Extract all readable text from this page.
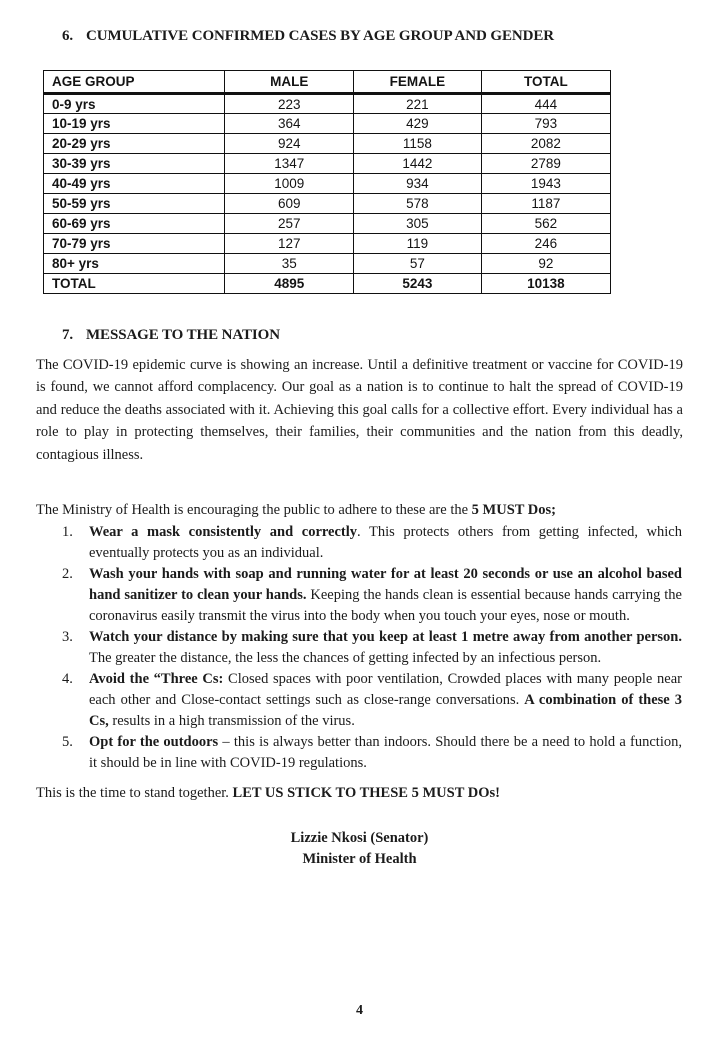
6. CUMULATIVE CONFIRMED CASES BY AGE GROUP AND GENDER
AGE GROUP	MALE	FEMALE	TOTAL
0-9 yrs	223	221	444
10-19 yrs	364	429	793
20-29 yrs	924	1158	2082
30-39 yrs	1347	1442	2789
40-49 yrs	1009	934	1943
50-59 yrs	609	578	1187
60-69 yrs	257	305	562
70-79 yrs	127	119	246
80+ yrs	35	57	92
TOTAL	4895	5243	10138
7. MESSAGE TO THE NATION

The COVID-19 epidemic curve is showing an increase. Until a definitive treatment or vaccine for COVID-19 is found, we cannot afford complacency. Our goal as a nation is to continue to halt the spread of COVID-19 and reduce the deaths associated with it. Achieving this goal calls for a collective effort. Every individual has a role to play in protecting themselves, their families, their communities and the nation from this deadly, contagious illness.

The Ministry of Health is encouraging the public to adhere to these are the 5 MUST Dos;

1.	Wear a mask consistently and correctly. This protects others from getting infected, which eventually protects you as an individual.
2.	Wash your hands with soap and running water for at least 20 seconds or use an alcohol based hand sanitizer to clean your hands. Keeping the hands clean is essential because hands carrying the coronavirus easily transmit the virus into the body when you touch your eyes, nose or mouth.
3.	Watch your distance by making sure that you keep at least 1 metre away from another person. The greater the distance, the less the chances of getting infected by an infectious person.
4.	Avoid the “Three Cs: Closed spaces with poor ventilation, Crowded places with many people near each other and Close-contact settings such as close-range conversations. A combination of these 3 Cs, results in a high transmission of the virus.
5.	Opt for the outdoors – this is always better than indoors. Should there be a need to hold a function, it should be in line with COVID-19 regulations.

This is the time to stand together. LET US STICK TO THESE 5 MUST DOs!

Lizzie Nkosi (Senator)
Minister of Health
4
